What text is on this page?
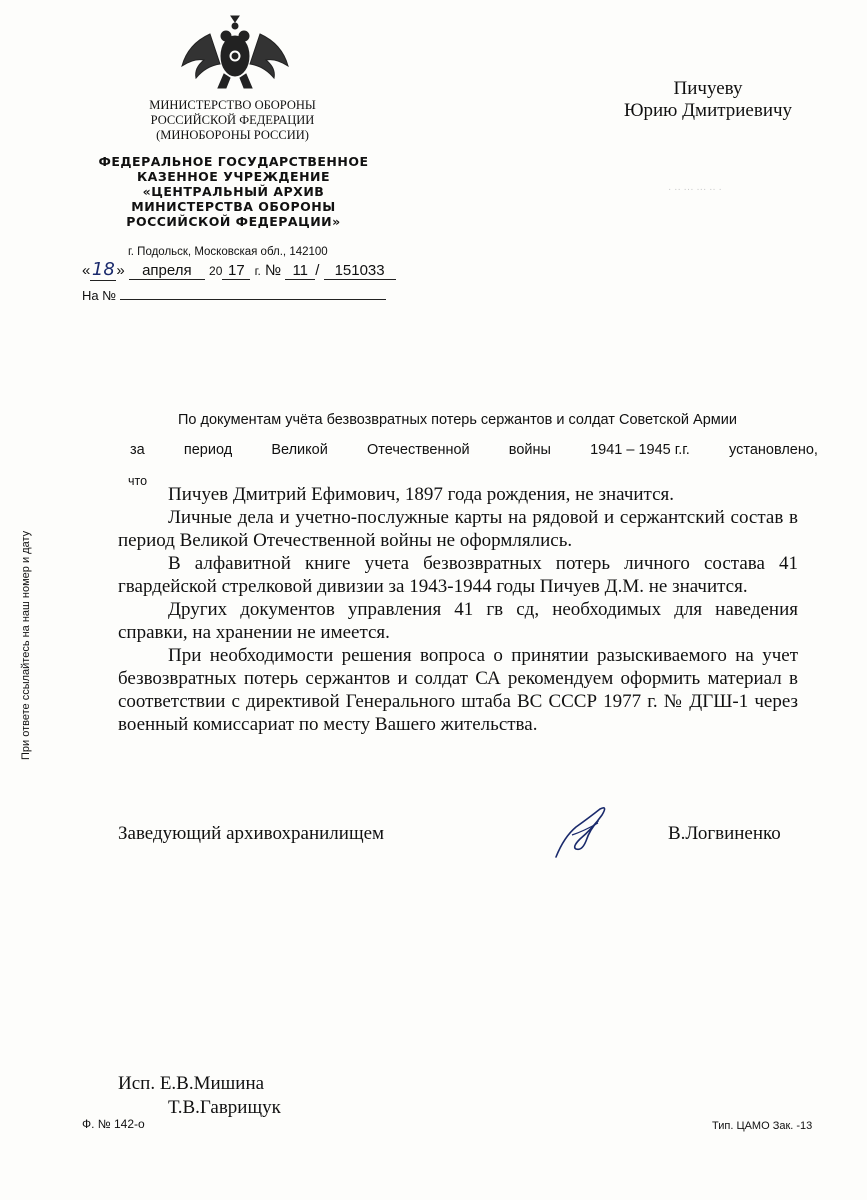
МИНИСТЕРСТВО ОБОРОНЫ
РОССИЙСКОЙ ФЕДЕРАЦИИ
(МИНОБОРОНЫ РОССИИ)
ФЕДЕРАЛЬНОЕ ГОСУДАРСТВЕННОЕ
КАЗЕННОЕ УЧРЕЖДЕНИЕ
«ЦЕНТРАЛЬНЫЙ АРХИВ
МИНИСТЕРСТВА ОБОРОНЫ
РОССИЙСКОЙ ФЕДЕРАЦИИ»
г. Подольск, Московская обл., 142100
«18 » апреля 20 17 г. № 11 / 151033
На №
· ·· ··· ··· ·· ·
Пичуеву
Юрию Дмитриевичу
При ответе ссылайтесь на наш номер и дату
По документам учёта безвозвратных потерь сержантов и солдат Советской Армии
за	период	Великой	Отечественной	войны	1941 – 1945 г.г.	установлено,
что

Пичуев Дмитрий Ефимович, 1897 года рождения, не значится.

Личные дела и учетно-послужные карты на рядовой и сержантский состав в период Великой Отечественной войны не оформлялись.

В алфавитной книге учета безвозвратных потерь личного состава 41 гвардейской стрелковой дивизии за 1943-1944 годы Пичуев Д.М. не значится.

Других документов управления 41 гв сд, необходимых для наведения справки, на хранении не имеется.

При необходимости решения вопроса о принятии разыскиваемого на учет безвозвратных потерь сержантов и солдат СА рекомендуем оформить материал в соответствии с директивой Генерального штаба ВС СССР 1977 г. № ДГШ-1 через военный комиссариат по месту Вашего жительства.

Заведующий архивохранилищем	В.Логвиненко
Исп. Е.В.Мишина
Т.В.Гаврищук
Ф. № 142-о	Тип. ЦАМО Зак. -13
